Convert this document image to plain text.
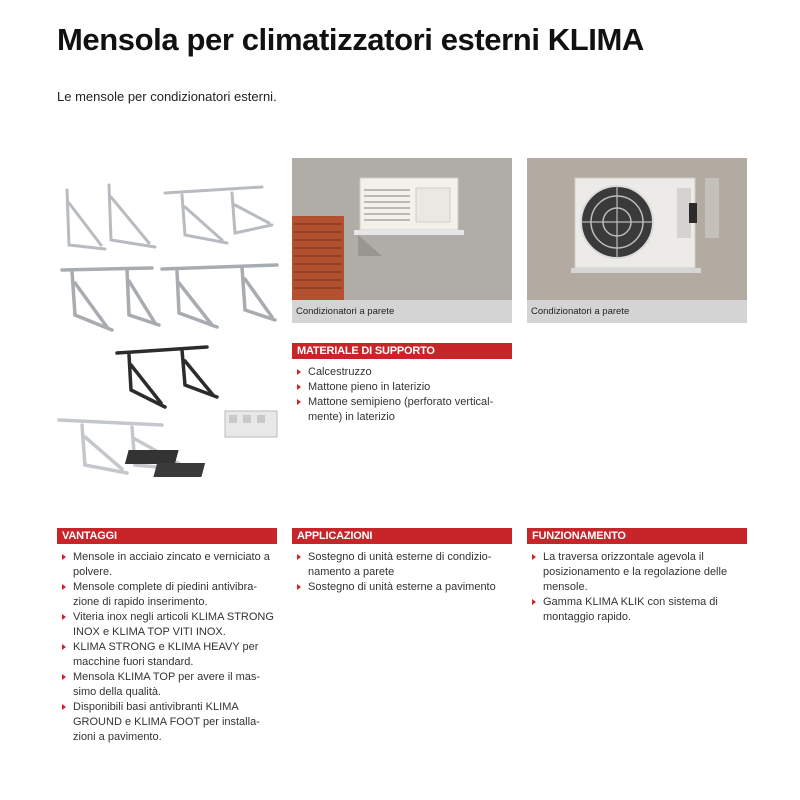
Mensola per climatizzatori esterni KLIMA
Le mensole per condizionatori esterni.
Condizionatori a parete	Condizionatori a parete
MATERIALE DI SUPPORTO
Calcestruzzo
Mattone pieno in laterizio
Mattone semipieno (perforato vertical-mente) in laterizio
VANTAGGI
Mensole in acciaio zincato e verniciato a polvere.
Mensole complete di piedini antivibra-zione di rapido inserimento.
Viteria inox negli articoli KLIMA STRONG INOX e KLIMA TOP VITI INOX.
KLIMA STRONG e KLIMA HEAVY per macchine fuori standard.
Mensola KLIMA TOP per avere il mas-simo della qualità.
Disponibili basi antivibranti KLIMA GROUND e KLIMA FOOT per installa-zioni a pavimento.
APPLICAZIONI
Sostegno di unità esterne di condizio-namento a parete
Sostegno di unità esterne a pavimento
FUNZIONAMENTO
La traversa orizzontale agevola il posizionamento e la regolazione delle mensole.
Gamma KLIMA KLIK con sistema di montaggio rapido.
